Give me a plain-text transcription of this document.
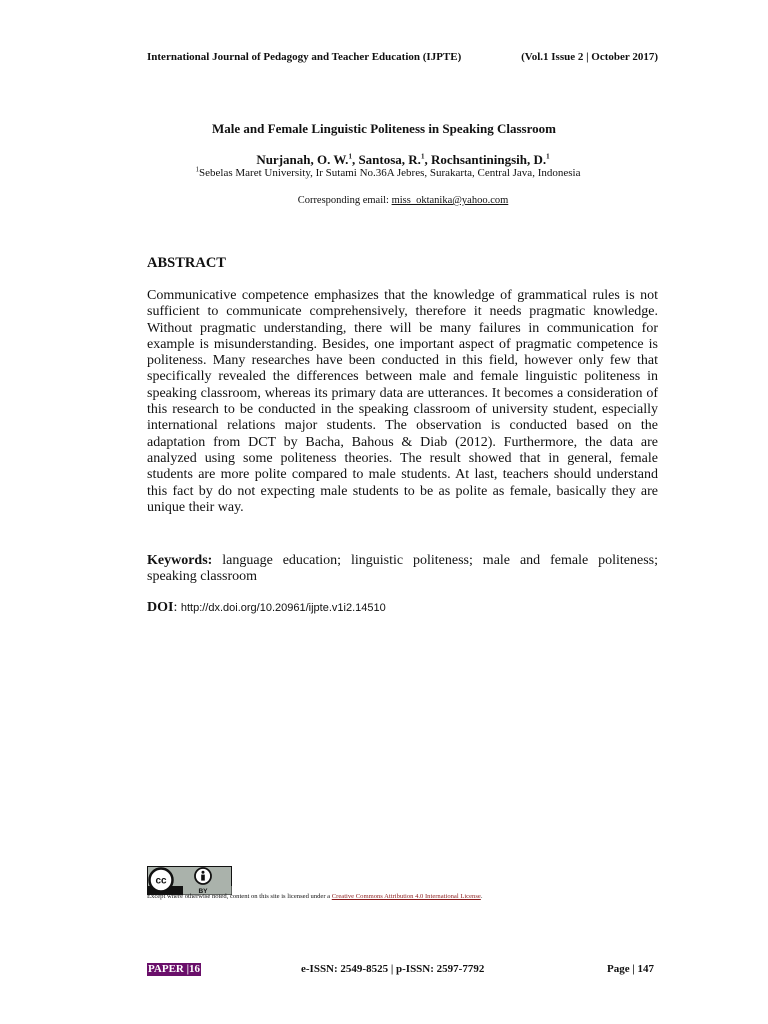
International Journal of Pedagogy and Teacher Education (IJPTE)	(Vol.1 Issue 2 | October 2017)
Male and Female Linguistic Politeness in Speaking Classroom
Nurjanah, O. W.$^1$, Santosa, R.$^1$, Rochsantiningsih, D.$^1$
$^1$Sebelas Maret University, Ir Sutami No.36A Jebres, Surakarta, Central Java, Indonesia
Corresponding email: miss_oktanika@yahoo.com
ABSTRACT
Communicative competence emphasizes that the knowledge of grammatical rules is not sufficient to communicate comprehensively, therefore it needs pragmatic knowledge. Without pragmatic understanding, there will be many failures in communication for example is misunderstanding. Besides, one important aspect of pragmatic competence is politeness. Many researches have been conducted in this field, however only few that specifically revealed the differences between male and female linguistic politeness in speaking classroom, whereas its primary data are utterances. It becomes a consideration of this research to be conducted in the speaking classroom of university student, especially international relations major students. The observation is conducted based on the adaptation from DCT by Bacha, Bahous & Diab (2012). Furthermore, the data are analyzed using some politeness theories. The result showed that in general, female students are more polite compared to male students. At last, teachers should understand this fact by do not expecting male students to be as polite as female, basically they are unique their way.
Keywords: language education; linguistic politeness; male and female politeness; speaking classroom
DOI: http://dx.doi.org/10.20961/ijpte.v1i2.14510
cc
BY
Except where otherwise noted, content on this site is licensed under a Creative Commons Attribution 4.0 International License.
PAPER |16	e-ISSN: 2549-8525 | p-ISSN: 2597-7792	Page | 147
